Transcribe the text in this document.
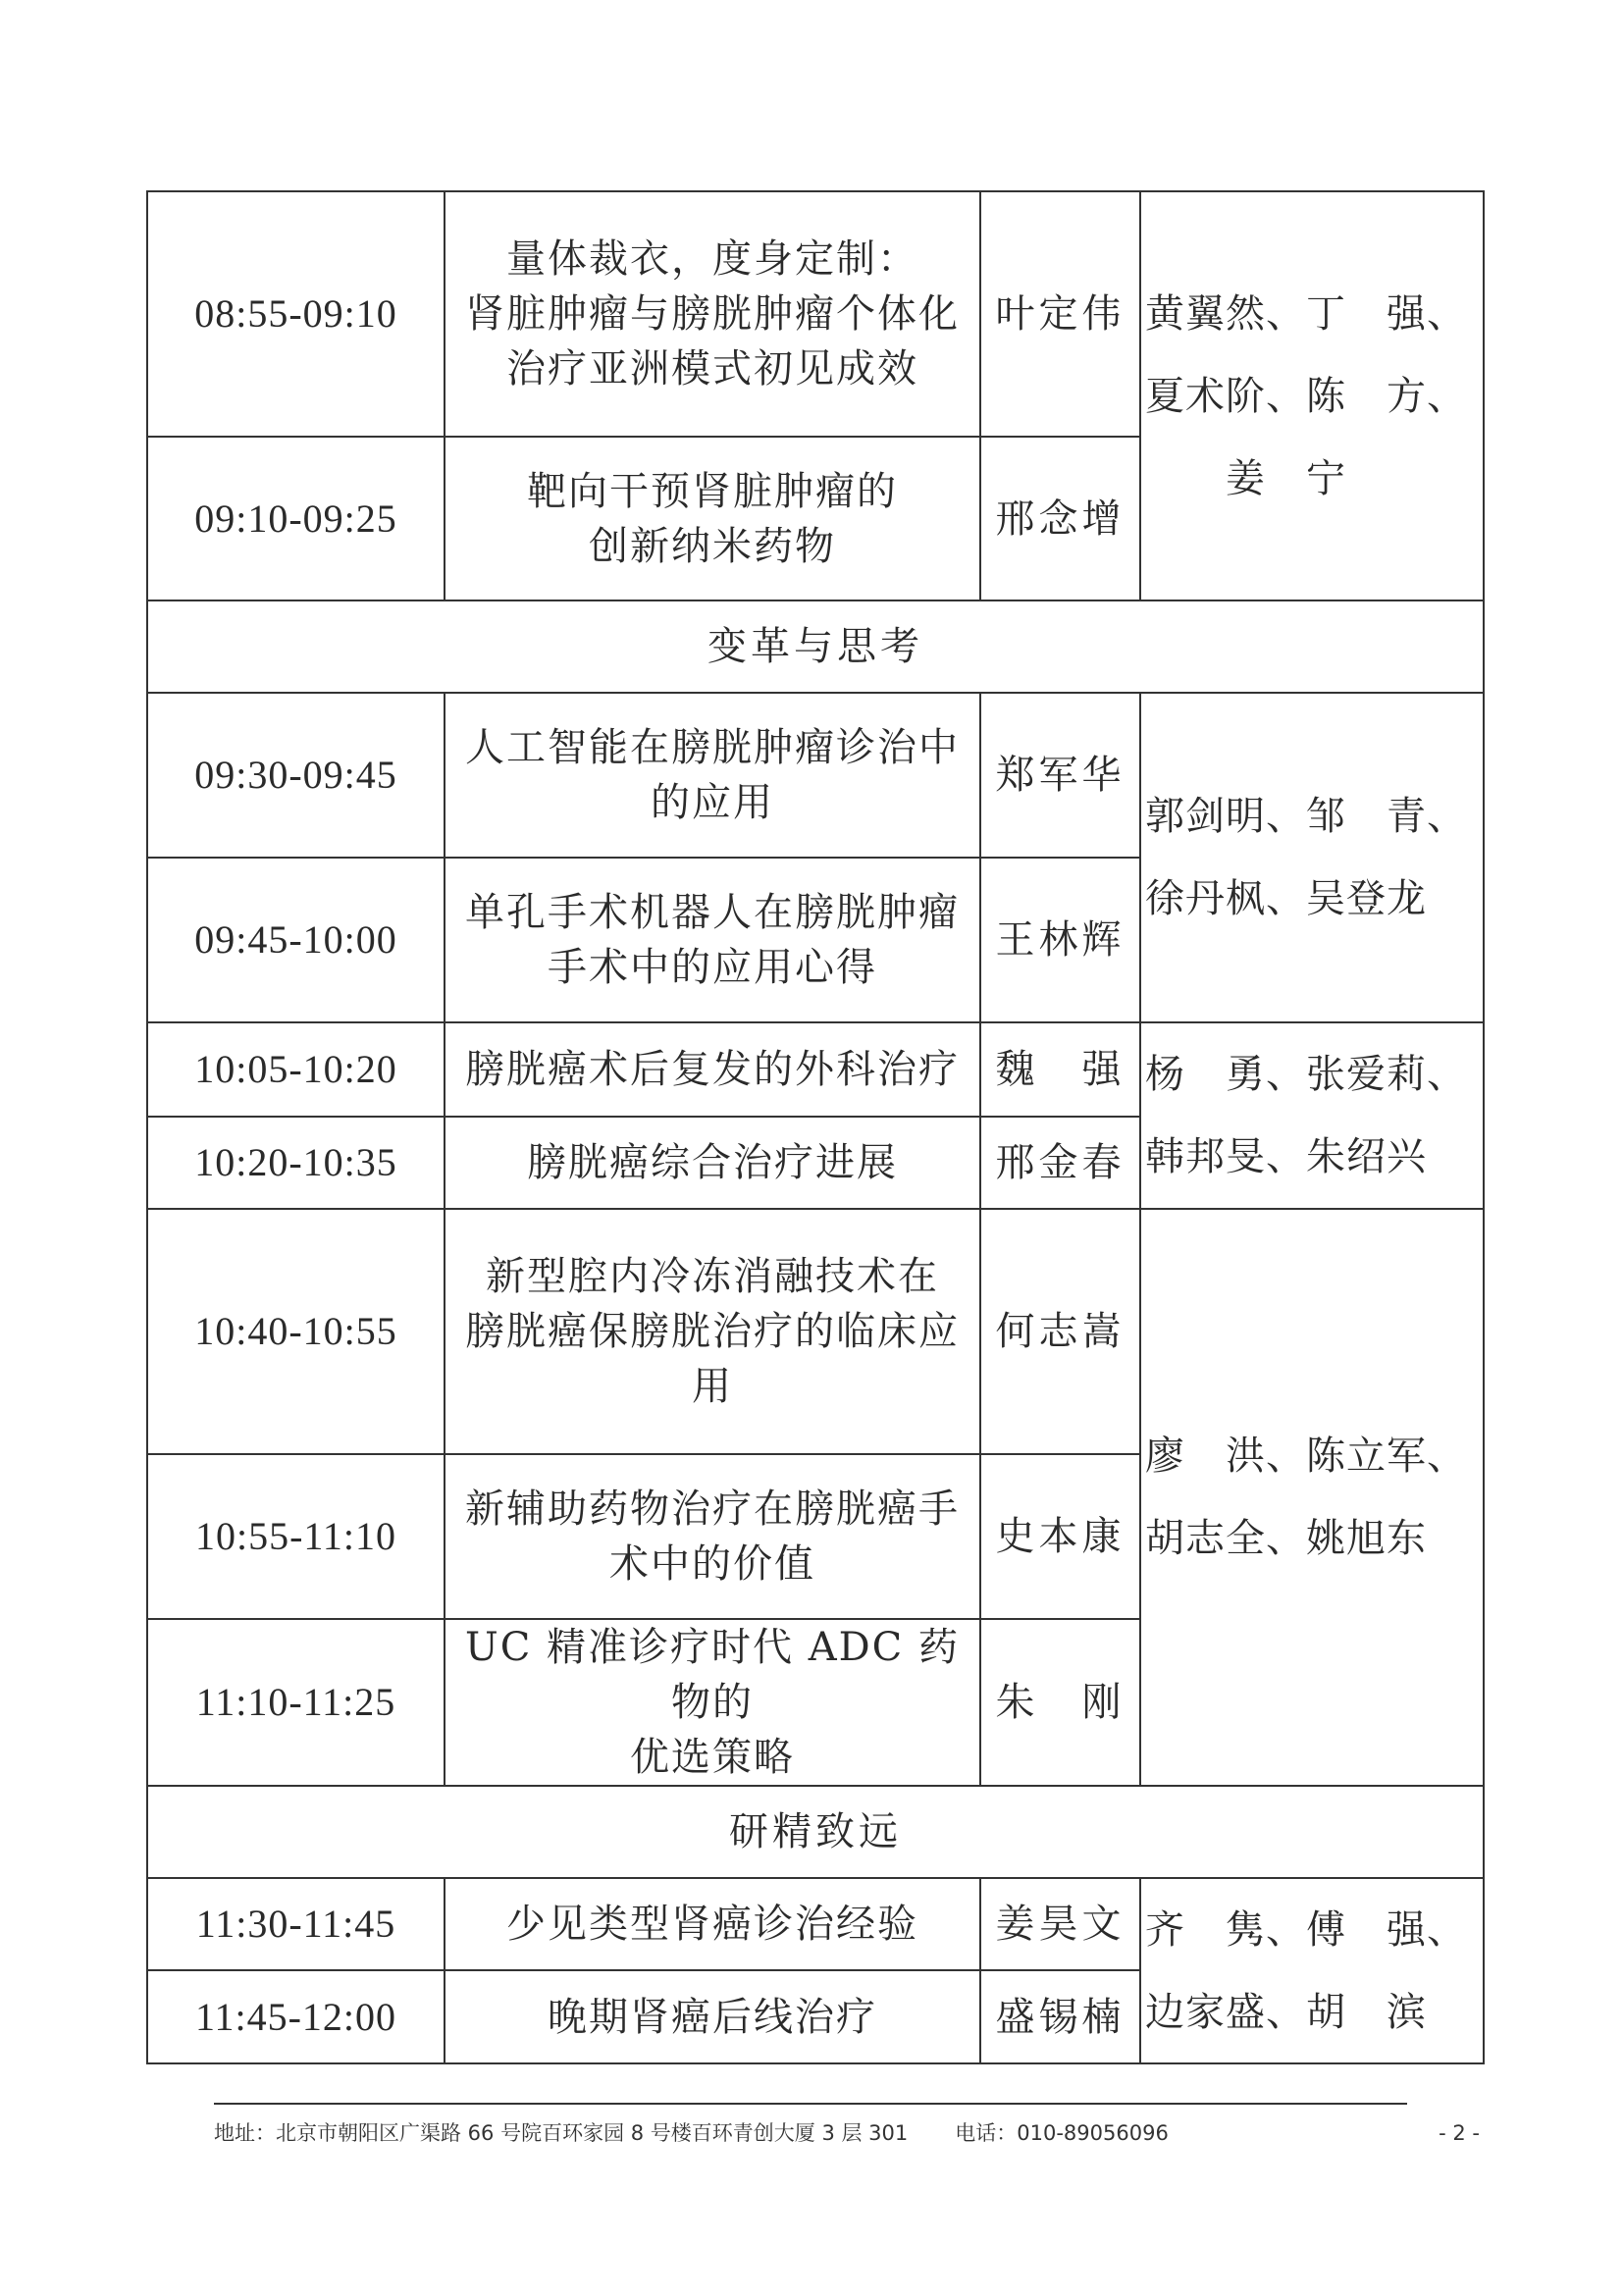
08:55-09:10	量体裁衣，度身定制：
肾脏肿瘤与膀胱肿瘤个体化
治疗亚洲模式初见成效	叶定伟	黄翼然、丁　强、
夏术阶、陈　方、
　　姜　宁
09:10-09:25	靶向干预肾脏肿瘤的
创新纳米药物	邢念增	
变革与思考			
09:30-09:45	人工智能在膀胱肿瘤诊治中
的应用	郑军华	郭剑明、邹　青、
徐丹枫、吴登龙
09:45-10:00	单孔手术机器人在膀胱肿瘤
手术中的应用心得	王林辉	
10:05-10:20	膀胱癌术后复发的外科治疗	魏　强	杨　勇、张爱莉、
韩邦旻、朱绍兴
10:20-10:35	膀胱癌综合治疗进展	邢金春	
10:40-10:55	新型腔内冷冻消融技术在
膀胱癌保膀胱治疗的临床应
用	何志嵩	廖　洪、陈立军、
胡志全、姚旭东
10:55-11:10	新辅助药物治疗在膀胱癌手
术中的价值	史本康	
11:10-11:25	UC 精准诊疗时代 ADC 药物的
优选策略	朱　刚	
研精致远			
11:30-11:45	少见类型肾癌诊治经验	姜昊文	齐　隽、傅　强、
边家盛、胡　滨
11:45-12:00	晚期肾癌后线治疗	盛锡楠	
地址：北京市朝阳区广渠路 66 号院百环家园 8 号楼百环青创大厦 3 层 301 电话：010-89056096	- 2 -
